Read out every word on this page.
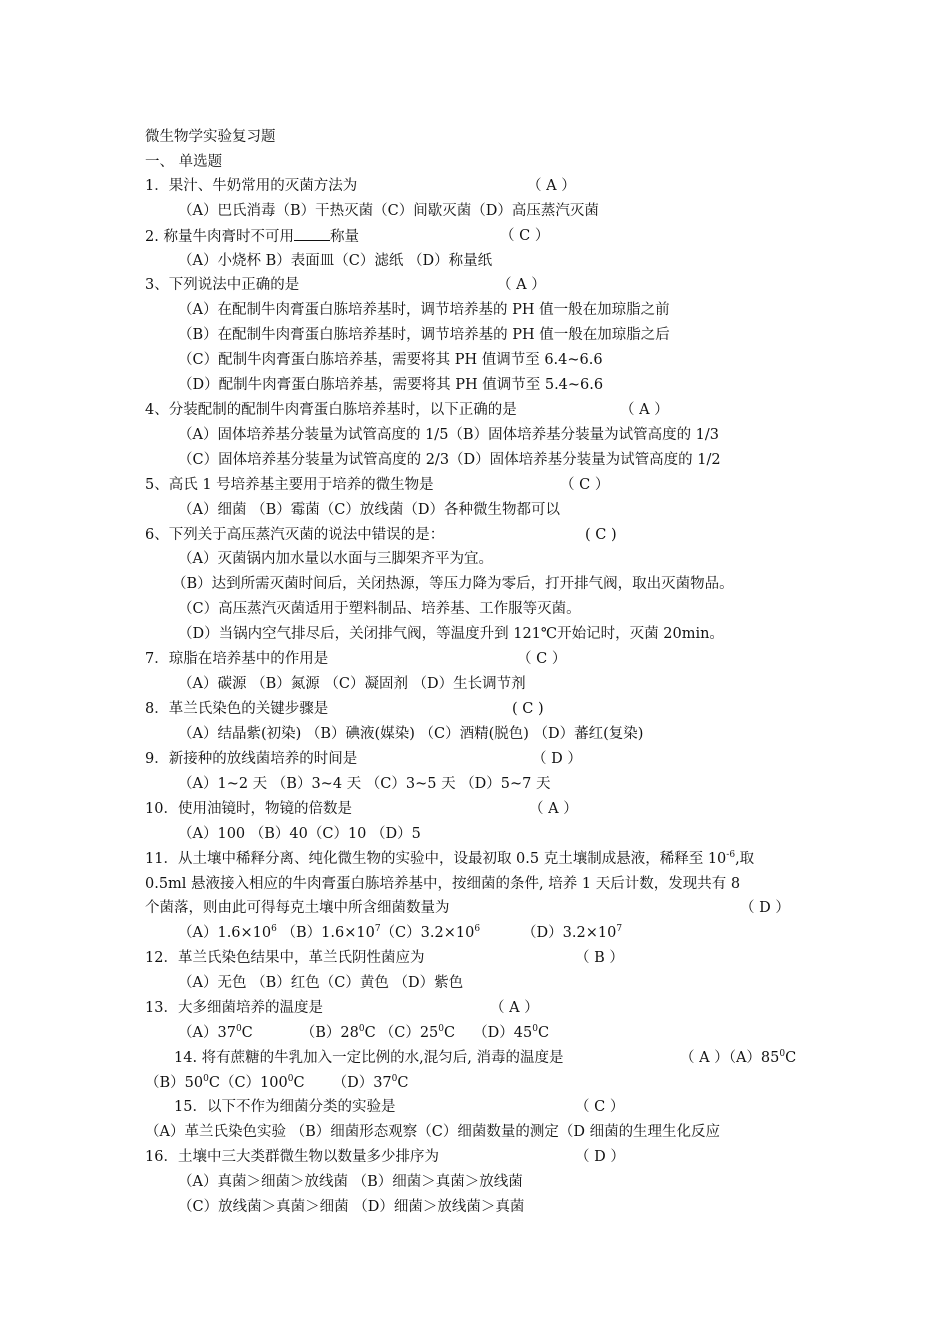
微生物学实验复习题
一、 单选题
1．果汁、牛奶常用的灭菌方法为	（ A ）
（A）巴氏消毒（B）干热灭菌（C）间歇灭菌（D）高压蒸汽灭菌
2. 称量牛肉膏时不可用 称量	（ C ）
（A）小烧杯 B）表面皿（C）滤纸 （D）称量纸
3、下列说法中正确的是	（ A ）
（A）在配制牛肉膏蛋白胨培养基时，调节培养基的 PH 值一般在加琼脂之前
（B）在配制牛肉膏蛋白胨培养基时，调节培养基的 PH 值一般在加琼脂之后
（C）配制牛肉膏蛋白胨培养基，需要将其 PH 值调节至 6.4~6.6
（D）配制牛肉膏蛋白胨培养基，需要将其 PH 值调节至 5.4~6.6
4、分装配制的配制牛肉膏蛋白胨培养基时，以下正确的是	（ A ）
（A）固体培养基分装量为试管高度的 1/5（B）固体培养基分装量为试管高度的 1/3
（C）固体培养基分装量为试管高度的 2/3（D）固体培养基分装量为试管高度的 1/2
5、高氏 1 号培养基主要用于培养的微生物是	（ C ）
（A）细菌 （B）霉菌（C）放线菌（D）各种微生物都可以
6、下列关于高压蒸汽灭菌的说法中错误的是：	( C )
（A）灭菌锅内加水量以水面与三脚架齐平为宜。
（B）达到所需灭菌时间后，关闭热源，等压力降为零后，打开排气阀，取出灭菌物品。
（C）高压蒸汽灭菌适用于塑料制品、培养基、工作服等灭菌。
（D）当锅内空气排尽后，关闭排气阀，等温度升到 121℃开始记时，灭菌 20min。
7．琼脂在培养基中的作用是	（ C ）
（A）碳源 （B）氮源 （C）凝固剂 （D）生长调节剂
8．革兰氏染色的关键步骤是	( C )
（A）结晶紫(初染) （B）碘液(媒染) （C）酒精(脱色) （D）蕃红(复染)
9．新接种的放线菌培养的时间是	（ D ）
（A）1~2 天 （B）3~4 天 （C）3~5 天 （D）5~7 天
10．使用油镜时，物镜的倍数是	（ A ）
（A）100 （B）40（C）10 （D）5
11．从土壤中稀释分离、纯化微生物的实验中，设最初取 0.5 克土壤制成悬液，稀释至 $10^{-6}$,取
0.5ml 悬液接入相应的牛肉膏蛋白胨培养基中，按细菌的条件, 培养 1 天后计数，发现共有 8
个菌落，则由此可得每克土壤中所含细菌数量为	（ D ）
$(A)1.6\times 10^6$ $(B)1.6\times 10^7(C)3.2\times 10^6$	$(D)3.2\times 10^7$
12．革兰氏染色结果中，革兰氏阴性菌应为	（ B ）
（A）无色 （B）红色（C）黄色 （D）紫色
13．大多细菌培养的温度是	（ A ）
$(A)37^0C$	$(B)28^0C$ $(C)25^0C$ $(D)45^0C$
14. 将有蔗糖的牛乳加入一定比例的水,混匀后, 消毒的温度是	（ A ）$(A)85^0C$
$(B)50^0C(C)100^0C$ $(D)37^0C$
15．以下不作为细菌分类的实验是	（ C ）
（A）革兰氏染色实验 （B）细菌形态观察（C）细菌数量的测定（D 细菌的生理生化反应
16．土壤中三大类群微生物以数量多少排序为	（ D ）
（A）真菌＞细菌＞放线菌 （B）细菌＞真菌＞放线菌
（C）放线菌＞真菌＞细菌 （D）细菌＞放线菌＞真菌
